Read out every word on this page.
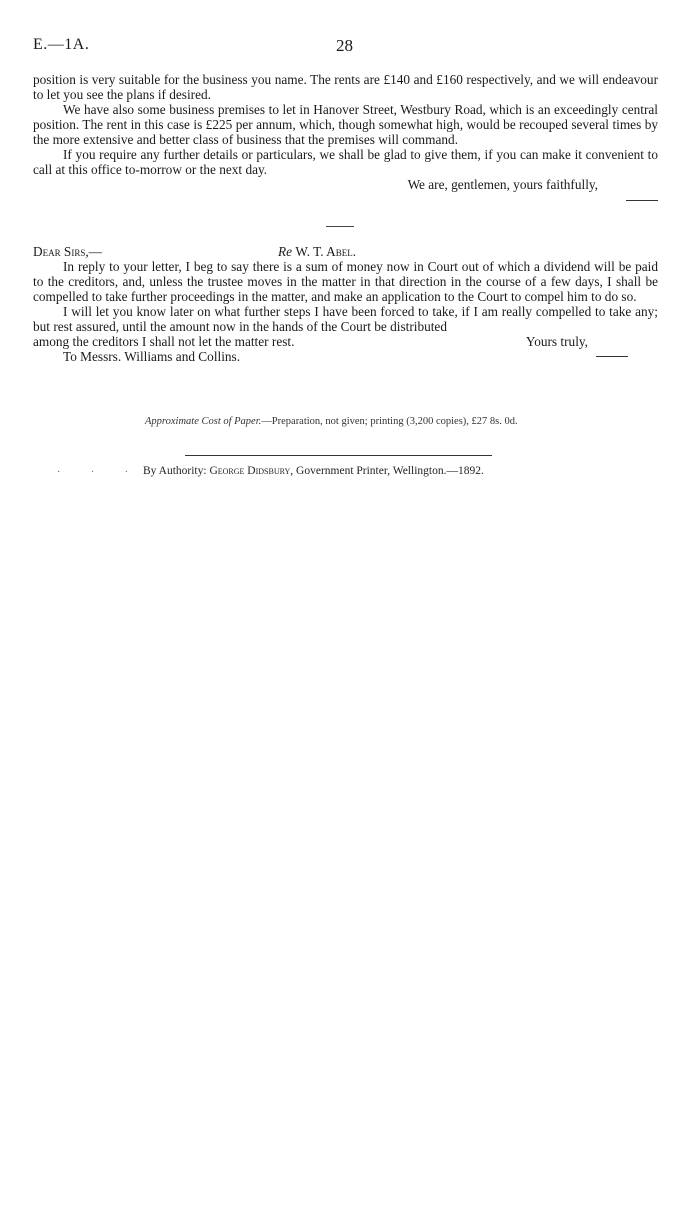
E.—1A.	28

position is very suitable for the business you name. The rents are £140 and £160 respectively, and we will endeavour to let you see the plans if desired.

We have also some business premises to let in Hanover Street, Westbury Road, which is an exceedingly central position. The rent in this case is £225 per annum, which, though somewhat high, would be recouped several times by the more extensive and better class of business that the premises will command.

If you require any further details or particulars, we shall be glad to give them, if you can make it convenient to call at this office to-morrow or the next day.

We are, gentlemen, yours faithfully,

Dear Sirs,—	Re W. T. Abel.

In reply to your letter, I beg to say there is a sum of money now in Court out of which a dividend will be paid to the creditors, and, unless the trustee moves in the matter in that direction in the course of a few days, I shall be compelled to take further proceedings in the matter, and make an application to the Court to compel him to do so.

I will let you know later on what further steps I have been forced to take, if I am really compelled to take any; but rest assured, until the amount now in the hands of the Court be distributed

among the creditors I shall not let the matter rest.	Yours truly,
To Messrs. Williams and Collins.
Approximate Cost of Paper.—Preparation, not given; printing (3,200 copies), £27 8s. 0d.
· · · By Authority: George Didsbury, Government Printer, Wellington.—1892.
